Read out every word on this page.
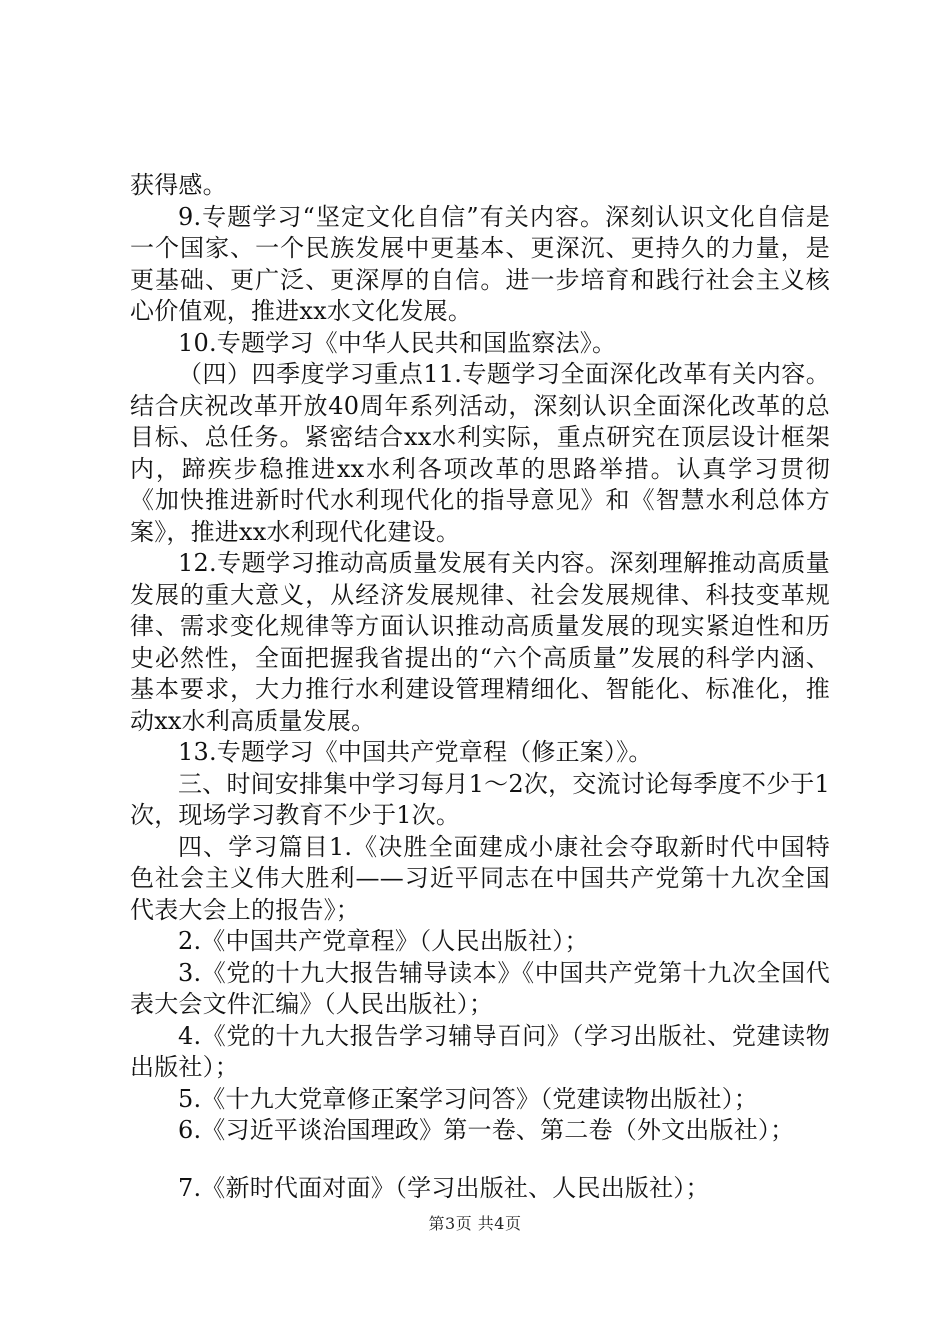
获得感。

9.专题学习“坚定文化自信”有关内容。深刻认识文化自信是一个国家、一个民族发展中更基本、更深沉、更持久的力量，是更基础、更广泛、更深厚的自信。进一步培育和践行社会主义核心价值观，推进xx水文化发展。

10.专题学习《中华人民共和国监察法》。

（四）四季度学习重点11.专题学习全面深化改革有关内容。结合庆祝改革开放40周年系列活动，深刻认识全面深化改革的总目标、总任务。紧密结合xx水利实际，重点研究在顶层设计框架内，蹄疾步稳推进xx水利各项改革的思路举措。认真学习贯彻《加快推进新时代水利现代化的指导意见》和《智慧水利总体方案》，推进xx水利现代化建设。

12.专题学习推动高质量发展有关内容。深刻理解推动高质量发展的重大意义，从经济发展规律、社会发展规律、科技变革规律、需求变化规律等方面认识推动高质量发展的现实紧迫性和历史必然性，全面把握我省提出的“六个高质量”发展的科学内涵、基本要求，大力推行水利建设管理精细化、智能化、标准化，推动xx水利高质量发展。

13.专题学习《中国共产党章程（修正案）》。

三、时间安排集中学习每月1～2次，交流讨论每季度不少于1次，现场学习教育不少于1次。

四、学习篇目1.《决胜全面建成小康社会夺取新时代中国特色社会主义伟大胜利——习近平同志在中国共产党第十九次全国代表大会上的报告》；

2.《中国共产党章程》（人民出版社）；

3.《党的十九大报告辅导读本》《中国共产党第十九次全国代表大会文件汇编》（人民出版社）；

4.《党的十九大报告学习辅导百问》（学习出版社、党建读物出版社）；

5.《十九大党章修正案学习问答》（党建读物出版社）；

6.《习近平谈治国理政》第一卷、第二卷（外文出版社）；

7.《新时代面对面》（学习出版社、人民出版社）；

第3页 共4页
